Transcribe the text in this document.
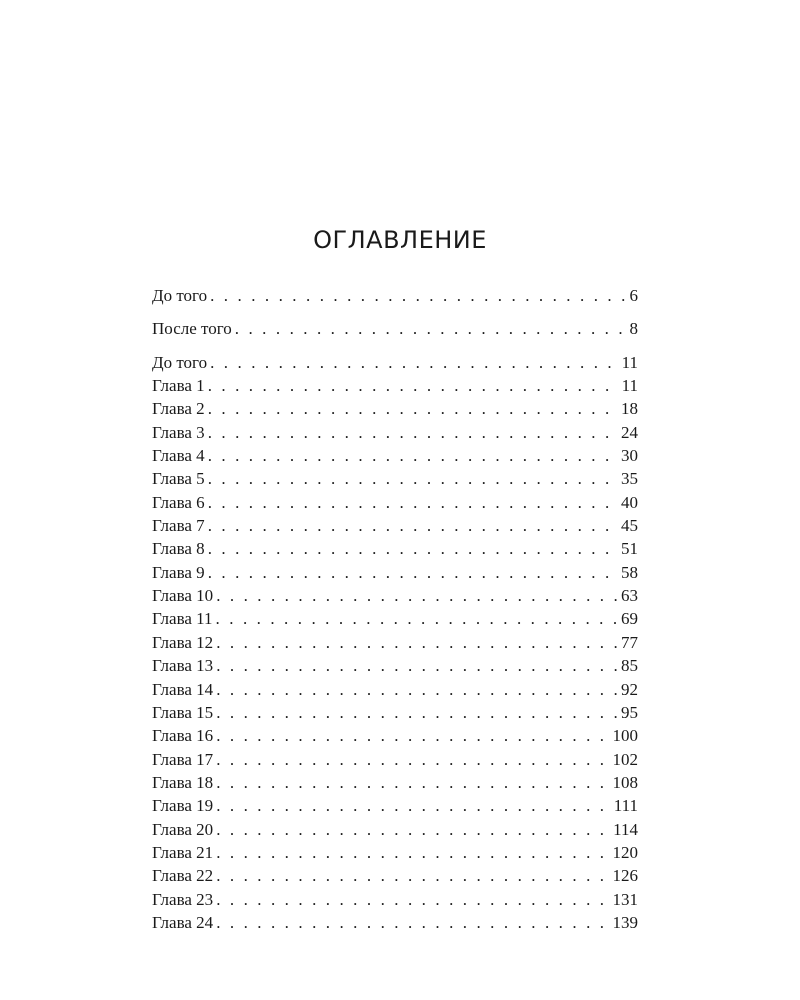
ОГЛАВЛЕНИЕ
До того . . .	6
После того . . .	8
До того . . .	11
Глава 1 . . .	11
Глава 2 . . .	18
Глава 3 . . .	24
Глава 4 . . .	30
Глава 5 . . .	35
Глава 6 . . .	40
Глава 7 . . .	45
Глава 8 . . .	51
Глава 9 . . .	58
Глава 10 . . .	63
Глава 11 . . .	69
Глава 12 . . .	77
Глава 13 . . .	85
Глава 14 . . .	92
Глава 15 . . .	95
Глава 16 . . .	100
Глава 17 . . .	102
Глава 18 . . .	108
Глава 19 . . .	111
Глава 20 . . .	114
Глава 21 . . .	120
Глава 22 . . .	126
Глава 23 . . .	131
Глава 24 . . .	139
